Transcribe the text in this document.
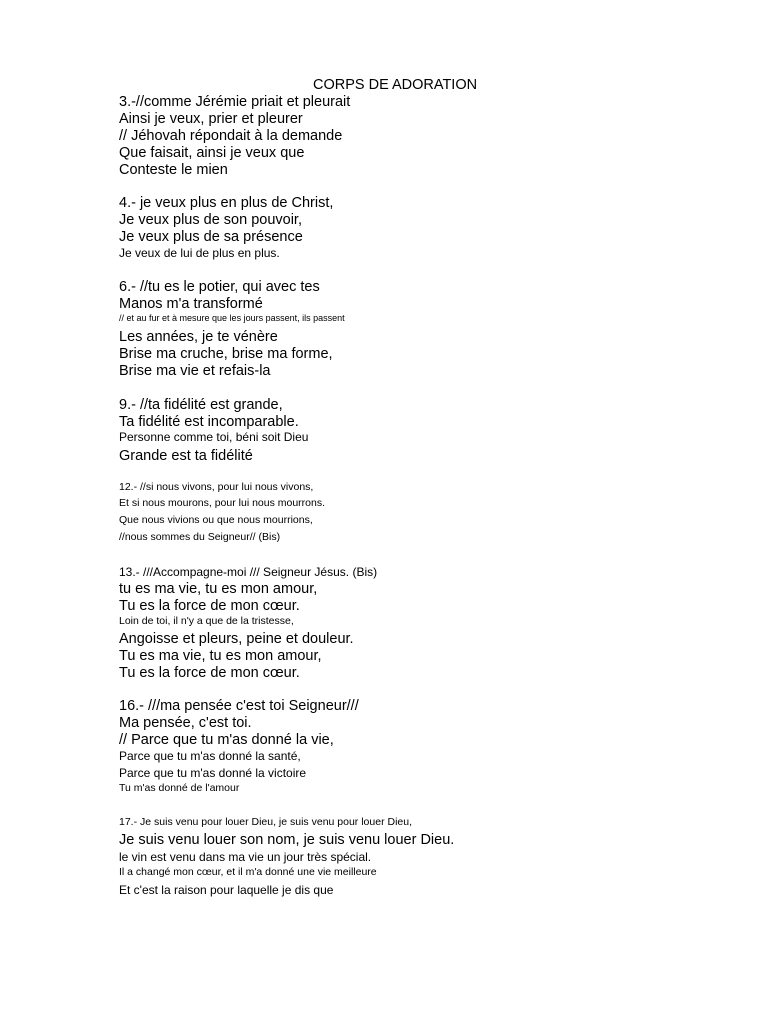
CORPS DE ADORATION
3.-//comme Jérémie priait et pleurait
Ainsi je veux, prier et pleurer
// Jéhovah répondait à la demande
Que faisait, ainsi je veux que
Conteste le mien
4.- je veux plus en plus de Christ,
Je veux plus de son pouvoir,
Je veux plus de sa présence
Je veux de lui de plus en plus.
6.- //tu es le potier, qui avec tes
Manos m'a transformé
// et au fur et à mesure que les jours passent, ils passent
Les années, je te vénère
Brise ma cruche, brise ma forme,
Brise ma vie et refais-la
9.- //ta fidélité est grande,
Ta fidélité est incomparable.
Personne comme toi, béni soit Dieu
Grande est ta fidélité
12.- //si nous vivons, pour lui nous vivons,
Et si nous mourons, pour lui nous mourrons.
Que nous vivions ou que nous mourrions,
//nous sommes du Seigneur// (Bis)
13.- ///Accompagne-moi /// Seigneur Jésus. (Bis)
tu es ma vie, tu es mon amour,
Tu es la force de mon cœur.
Loin de toi, il n'y a que de la tristesse,
Angoisse et pleurs, peine et douleur.
Tu es ma vie, tu es mon amour,
Tu es la force de mon cœur.
16.- ///ma pensée c'est toi Seigneur///
Ma pensée, c'est toi.
// Parce que tu m'as donné la vie,
Parce que tu m'as donné la santé,
Parce que tu m'as donné la victoire
Tu m'as donné de l'amour
17.- Je suis venu pour louer Dieu, je suis venu pour louer Dieu,
Je suis venu louer son nom, je suis venu louer Dieu.
le vin est venu dans ma vie un jour très spécial.
Il a changé mon cœur, et il m'a donné une vie meilleure
Et c'est la raison pour laquelle je dis que
